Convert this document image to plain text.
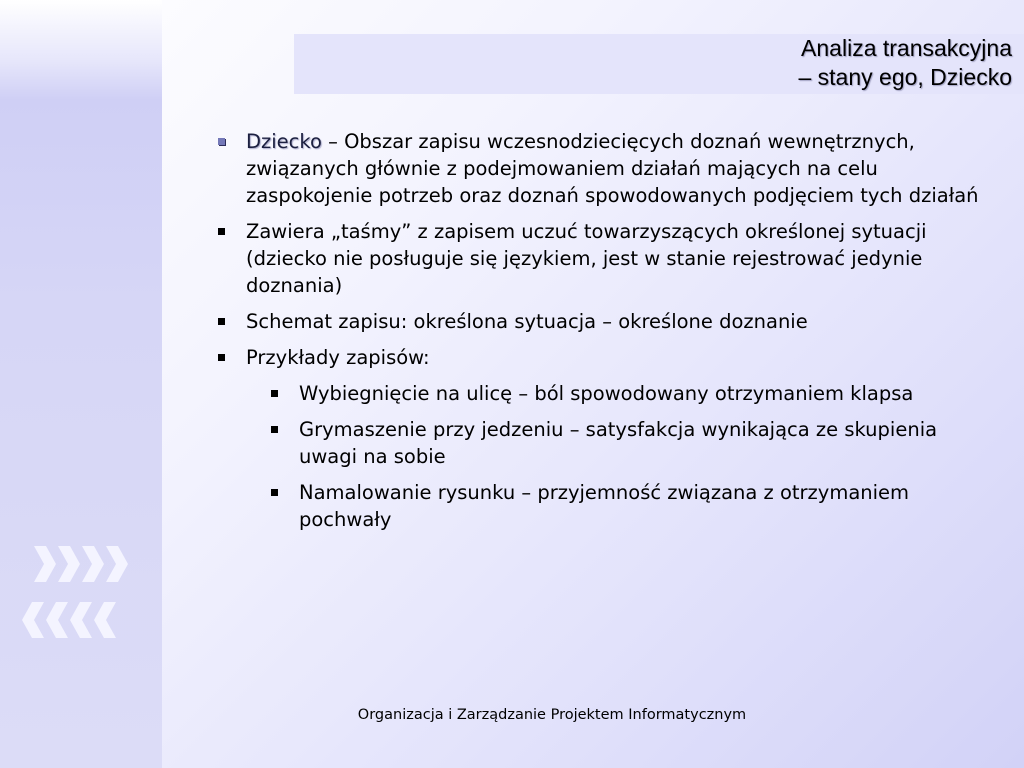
Analiza transakcyjna
– stany ego, Dziecko
Dziecko – Obszar zapisu wczesnodziecięcych doznań wewnętrznych, związanych głównie z podejmowaniem działań mających na celu zaspokojenie potrzeb oraz doznań spowodowanych podjęciem tych działań
Zawiera „taśmy” z zapisem uczuć towarzyszących określonej sytuacji (dziecko nie posługuje się językiem, jest w stanie rejestrować jedynie doznania)
Schemat zapisu: określona sytuacja – określone doznanie
Przykłady zapisów:
Wybiegnięcie na ulicę – ból spowodowany otrzymaniem klapsa
Grymaszenie przy jedzeniu – satysfakcja wynikająca ze skupienia uwagi na sobie
Namalowanie rysunku – przyjemność związana z otrzymaniem pochwały
Organizacja i Zarządzanie Projektem Informatycznym
